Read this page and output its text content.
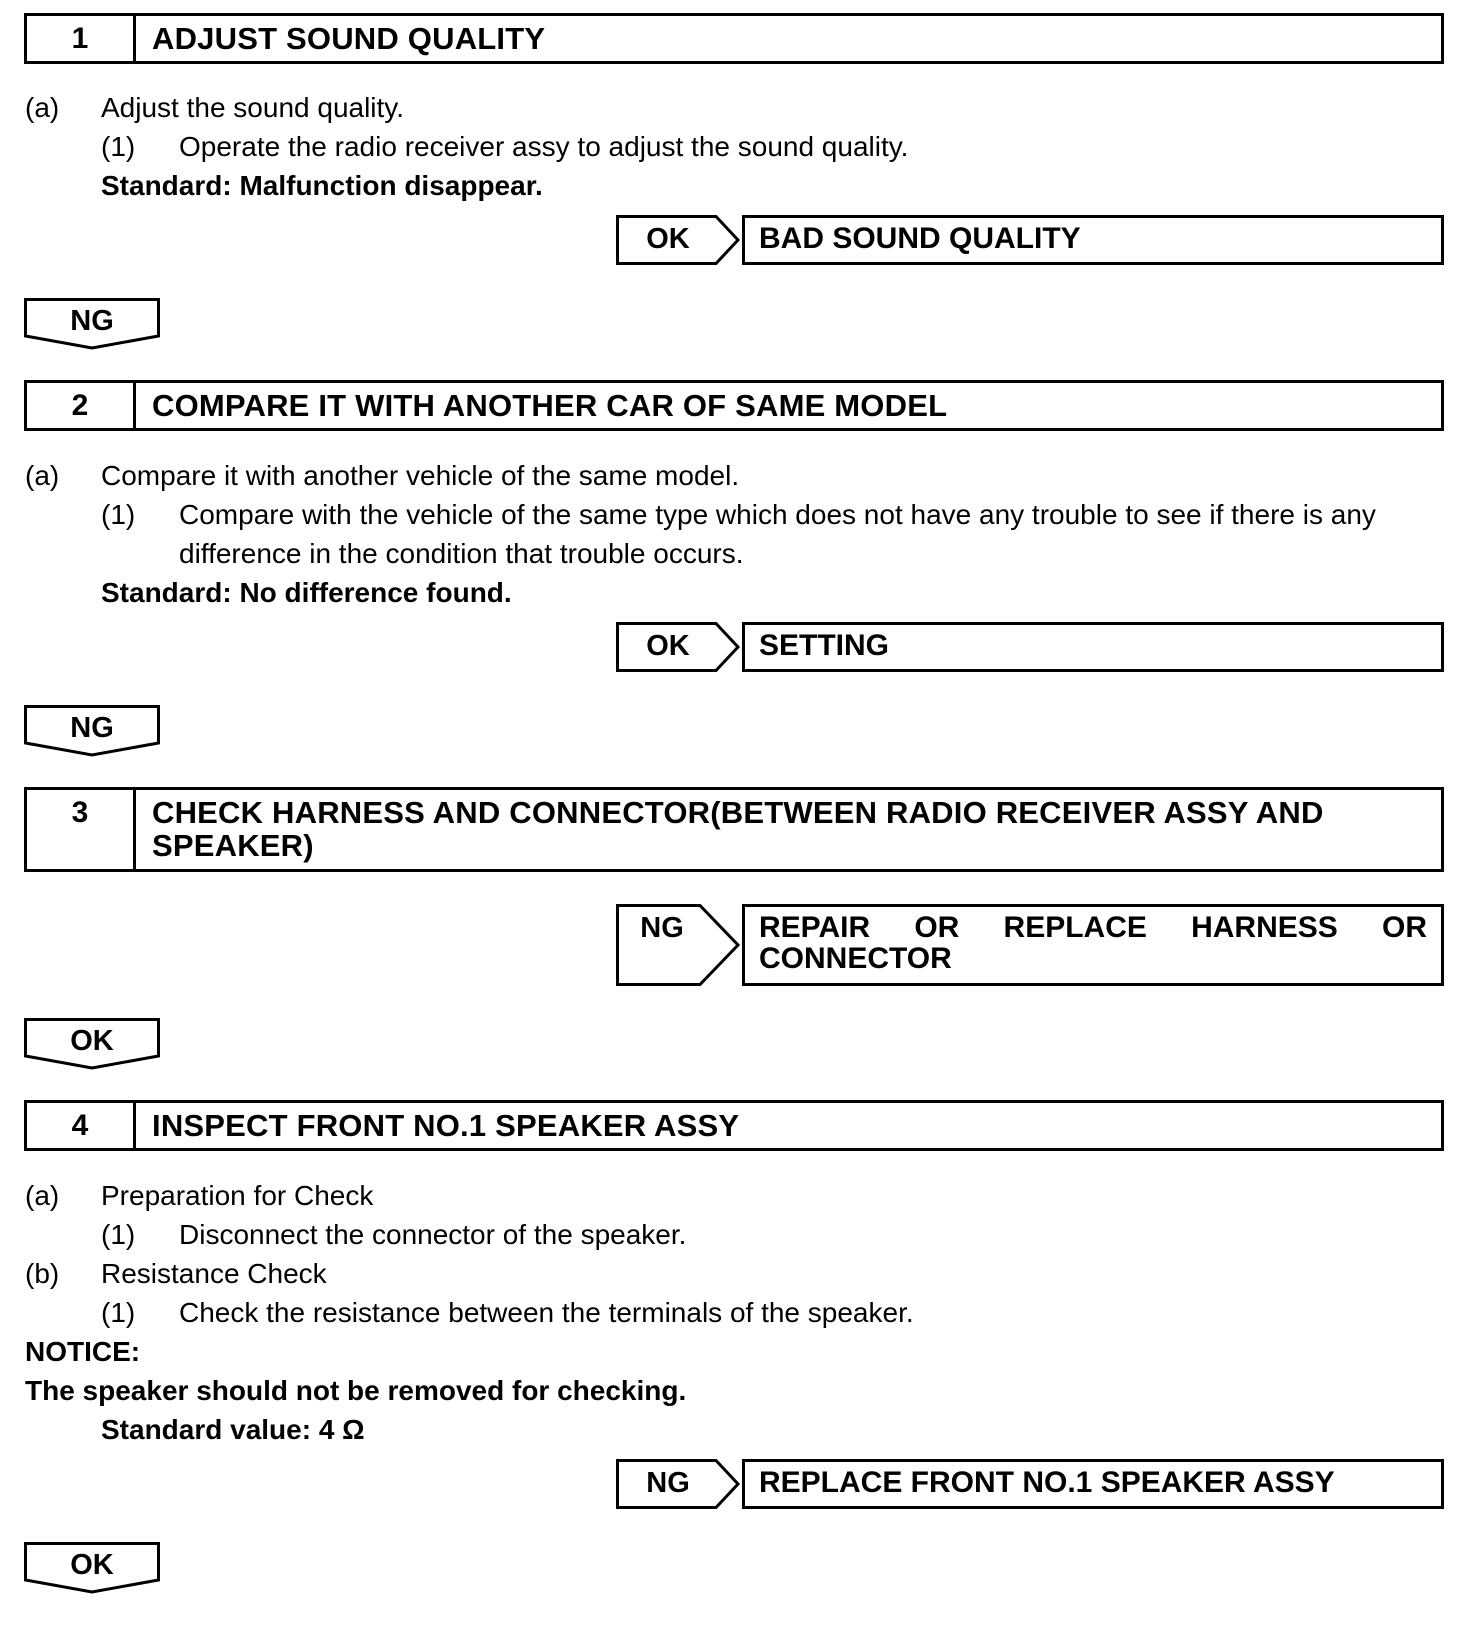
1	ADJUST SOUND QUALITY
(a) Adjust the sound quality.
(1) Operate the radio receiver assy to adjust the sound quality.
Standard: Malfunction disappear.
OK	BAD SOUND QUALITY
NG
2	COMPARE IT WITH ANOTHER CAR OF SAME MODEL
(a) Compare it with another vehicle of the same model.
(1) Compare with the vehicle of the same type which does not have any trouble to see if there is any
difference in the condition that trouble occurs.
Standard: No difference found.
OK	SETTING
NG
3	CHECK HARNESS AND CONNECTOR(BETWEEN RADIO RECEIVER ASSY AND SPEAKER)
NG	REPAIR OR REPLACE HARNESS OR CONNECTOR
OK
4	INSPECT FRONT NO.1 SPEAKER ASSY
(a) Preparation for Check
(1) Disconnect the connector of the speaker.
(b) Resistance Check
(1) Check the resistance between the terminals of the speaker.
NOTICE:
The speaker should not be removed for checking.
Standard value: 4 Ω
NG	REPLACE FRONT NO.1 SPEAKER ASSY
OK
